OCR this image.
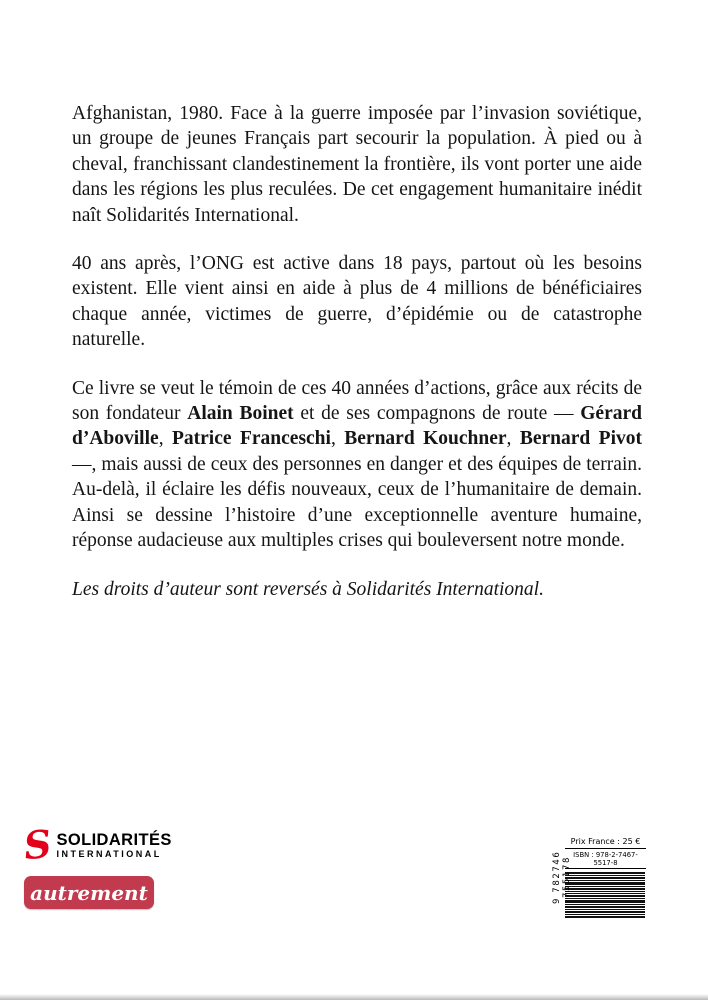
Afghanistan, 1980. Face à la guerre imposée par l’invasion soviétique, un groupe de jeunes Français part secourir la population. À pied ou à cheval, franchissant clandestinement la frontière, ils vont porter une aide dans les régions les plus reculées. De cet engagement humanitaire inédit naît Solidarités International.

40 ans après, l’ONG est active dans 18 pays, partout où les besoins existent. Elle vient ainsi en aide à plus de 4 millions de bénéficiaires chaque année, victimes de guerre, d’épidémie ou de catastrophe naturelle.

Ce livre se veut le témoin de ces 40 années d’actions, grâce aux récits de son fondateur Alain Boinet et de ses compagnons de route — Gérard d’Aboville, Patrice Franceschi, Bernard Kouchner, Bernard Pivot —, mais aussi de ceux des personnes en danger et des équipes de terrain. Au-delà, il éclaire les défis nouveaux, ceux de l’humanitaire de demain. Ainsi se dessine l’histoire d’une exceptionnelle aventure humaine, réponse audacieuse aux multiples crises qui bouleversent notre monde.

Les droits d’auteur sont reversés à Solidarités International.

S SOLIDARITÉS
INTERNATIONAL
autrement	9 782746 755178
Prix France : 25 €
ISBN : 978-2-7467-5517-8
